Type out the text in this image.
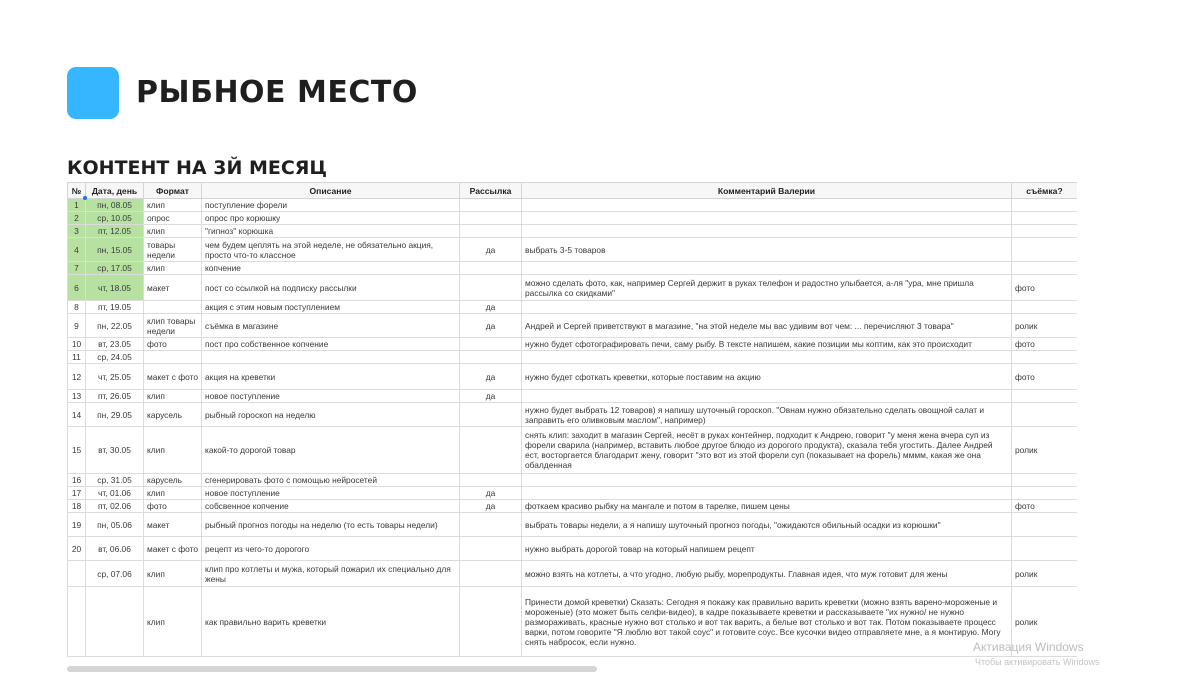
РЫБНОЕ МЕСТО
КОНТЕНТ НА 3Й МЕСЯЦ
№	Дата, день	Формат	Описание	Рассылка	Комментарий Валерии	съёмка?
1	пн, 08.05	клип	поступление форели			
2	ср, 10.05	опрос	опрос про корюшку			
3	пт, 12.05	клип	"гипноз" корюшка			
4	пн, 15.05	товары недели	чем будем цеплять на этой неделе, не обязательно акция, просто что-то классное	да	выбрать 3-5 товаров	
7	ср, 17.05	клип	копчение			
6	чт, 18.05	макет	пост со ссылкой на подписку рассылки		можно сделать фото, как, например Сергей держит в руках телефон и радостно улыбается, а-ля "ура, мне пришла рассылка со скидками"	фото
8	пт, 19.05		акция с этим новым поступлением	да		
9	пн, 22.05	клип товары недели	съёмка в магазине	да	Андрей и Сергей приветствуют в магазине, "на этой неделе мы вас удивим вот чем: ... перечисляют 3 товара"	ролик
10	вт, 23.05	фото	пост про собственное копчение		нужно будет сфотографировать печи, саму рыбу. В тексте напишем, какие позиции мы коптим, как это происходит	фото
11	ср, 24.05					
12	чт, 25.05	макет с фото	акция на креветки	да	нужно будет сфоткать креветки, которые поставим на акцию	фото
13	пт, 26.05	клип	новое поступление	да		
14	пн, 29.05	карусель	рыбный гороскоп на неделю		нужно будет выбрать 12 товаров) я напишу шуточный гороскоп. "Овнам нужно обязательно сделать овощной салат и заправить его оливковым маслом", например)	
15	вт, 30.05	клип	какой-то дорогой товар		снять клип: заходит в магазин Сергей, несёт в руках контейнер, подходит к Андрею, говорит "у меня жена вчера суп из форели сварила (например, вставить любое другое блюдо из дорогого продукта), сказала тебя угостить. Далее Андрей ест, восторгается благодарит жену, говорит "это вот из этой форели суп (показывает на форель) мммм, какая же она обалденная	ролик
16	ср, 31.05	карусель	сгенерировать фото с помощью нейросетей			
17	чт, 01.06	клип	новое поступление	да		
18	пт, 02.06	фото	собсвенное копчение	да	фоткаем красиво рыбку на мангале и потом в тарелке, пишем цены	фото
19	пн, 05.06	макет	рыбный прогноз погоды на неделю (то есть товары недели)		выбрать товары недели, а я напишу шуточный прогноз погоды, "ожидаются обильный осадки из корюшки"	
20	вт, 06.06	макет с фото	рецепт из чего-то дорогого		нужно выбрать дорогой товар на который напишем рецепт	
	ср, 07.06	клип	клип про котлеты и мужа, который пожарил их специально для жены		можно взять на котлеты, а что угодно, любую рыбу, морепродукты. Главная идея, что муж готовит для жены	ролик
		клип	как правильно варить креветки		Принести домой креветки) Сказать: Сегодня я покажу как правильно варить креветки (можно взять варено-мороженые и мороженые) (это может быть селфи-видео), в кадре показываете креветки и рассказываете "их нужно/ не нужно размораживать, красные нужно вот столько и вот так варить, а белые вот столько и вот так. Потом показываете процесс варки, потом говорите "Я люблю вот такой соус" и готовите соус. Все кусочки видео отправляете мне, а я монтирую. Могу снять набросок, если нужно.	ролик

Активация Windows

Чтобы активировать Windows
